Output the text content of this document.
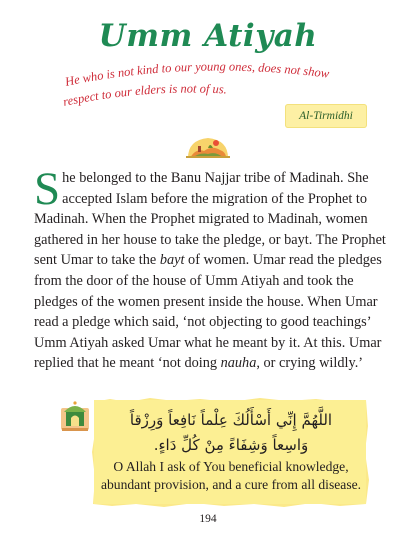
Umm Atiyah
He who is not kind to our young ones, does not show
respect to our elders is not of us.
Al-Tirmidhi
She belonged to the Banu Najjar tribe of Madinah. She accepted Islam before the migration of the Prophet to Madinah. When the Prophet migrated to Madinah, women gathered in her house to take the pledge, or bayt. The Prophet sent Umar to take the bayt of women. Umar read the pledges from the door of the house of Umm Atiyah and took the pledges of the women present inside the house. When Umar read a pledge which said, ‘not objecting to good teachings’ Umm Atiyah asked Umar what he meant by it. At this. Umar replied that he meant ‘not doing nauha, or crying wildly.’
اللَّهُمَّ إِنِّي أَسْأَلُكَ عِلْماً نَافِعاً وَرِزْقاً
وَاسِعاً وَشِفَاءً مِنْ كُلِّ دَاءٍ.
O Allah I ask of You beneficial knowledge,
abundant provision, and a cure from all disease.
194
